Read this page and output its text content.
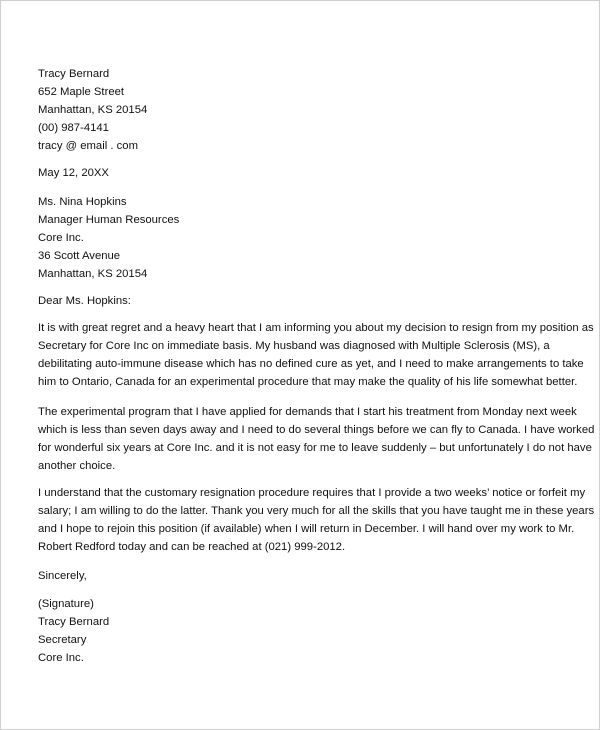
Tracy Bernard
652 Maple Street
Manhattan, KS 20154
(00) 987-4141
tracy @ email . com
May 12, 20XX
Ms. Nina Hopkins
Manager Human Resources
Core Inc.
36 Scott Avenue
Manhattan, KS 20154
Dear Ms. Hopkins:
It is with great regret and a heavy heart that I am informing you about my decision to resign from my position as
Secretary for Core Inc on immediate basis. My husband was diagnosed with Multiple Sclerosis (MS), a
debilitating auto-immune disease which has no defined cure as yet, and I need to make arrangements to take
him to Ontario, Canada for an experimental procedure that may make the quality of his life somewhat better.
The experimental program that I have applied for demands that I start his treatment from Monday next week
which is less than seven days away and I need to do several things before we can fly to Canada. I have worked
for wonderful six years at Core Inc. and it is not easy for me to leave suddenly – but unfortunately I do not have
another choice.
I understand that the customary resignation procedure requires that I provide a two weeks’ notice or forfeit my
salary; I am willing to do the latter. Thank you very much for all the skills that you have taught me in these years
and I hope to rejoin this position (if available) when I will return in December. I will hand over my work to Mr.
Robert Redford today and can be reached at (021) 999-2012.
Sincerely,
(Signature)
Tracy Bernard
Secretary
Core Inc.
